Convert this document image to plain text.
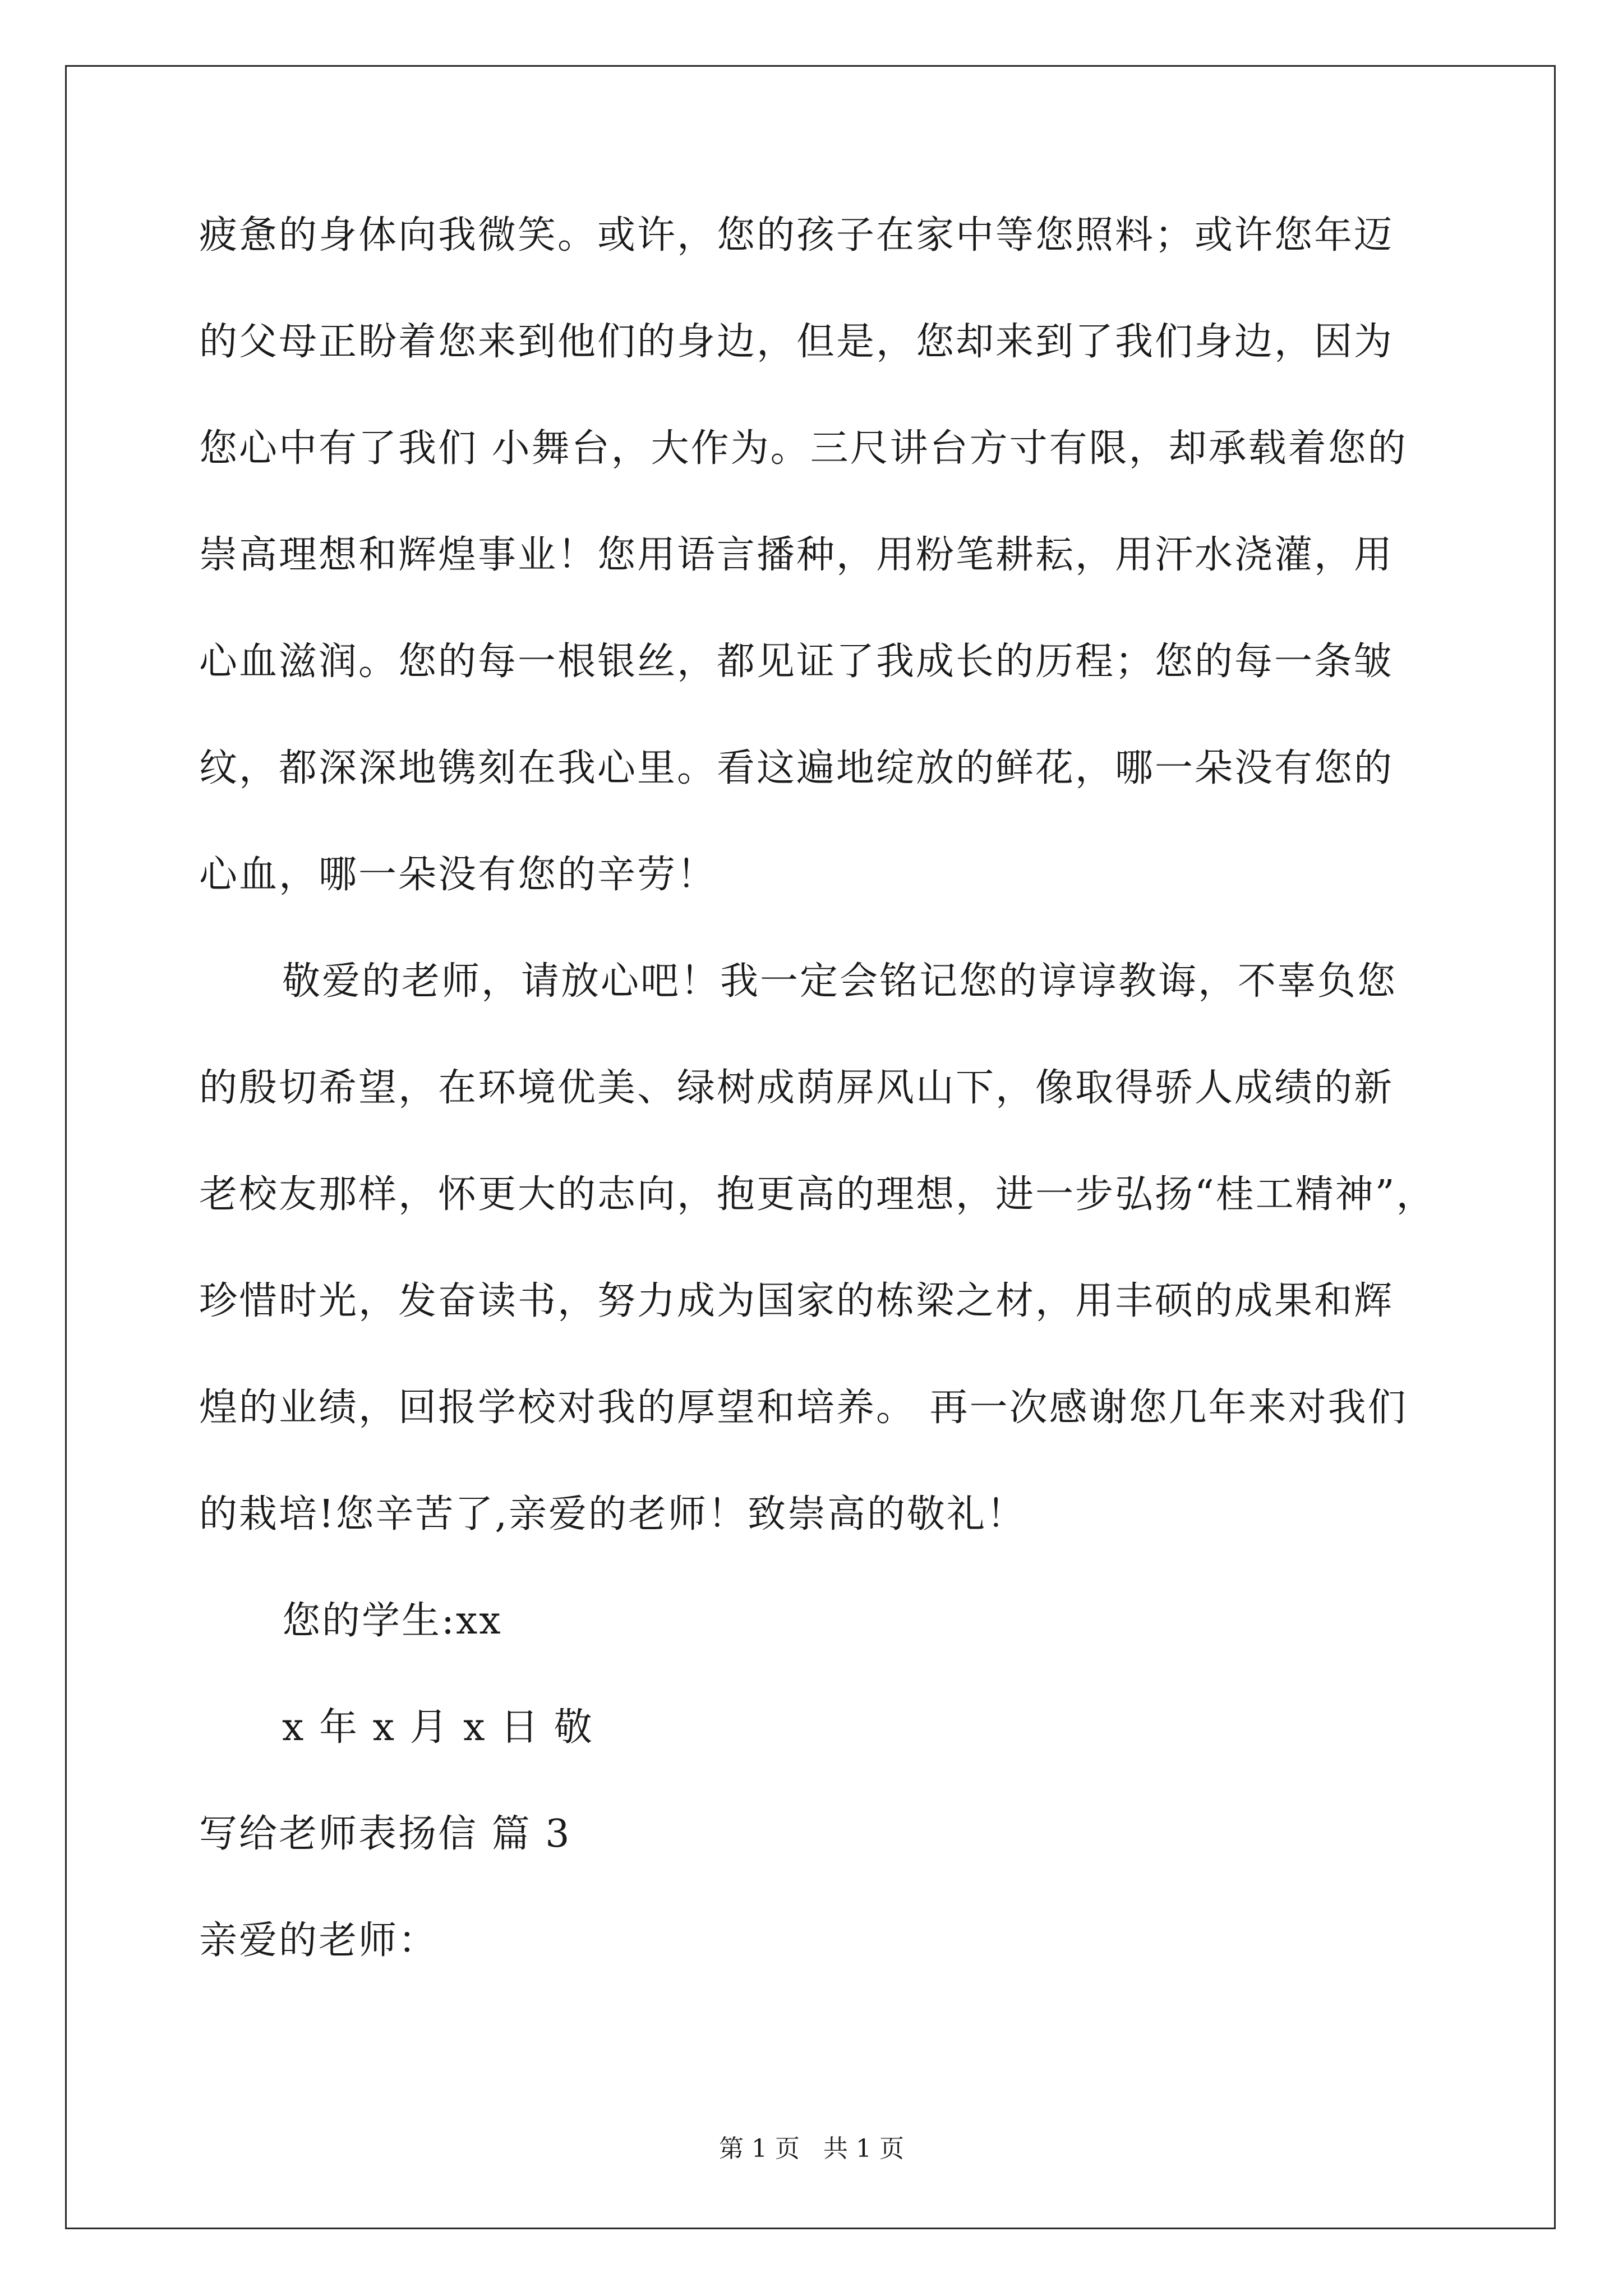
疲惫的身体向我微笑。或许，您的孩子在家中等您照料；或许您年迈
的父母正盼着您来到他们的身边，但是，您却来到了我们身边，因为
您心中有了我们 小舞台，大作为。三尺讲台方寸有限，却承载着您的
崇高理想和辉煌事业！您用语言播种，用粉笔耕耘，用汗水浇灌，用
心血滋润。您的每一根银丝，都见证了我成长的历程；您的每一条皱
纹，都深深地镌刻在我心里。看这遍地绽放的鲜花，哪一朵没有您的
心血，哪一朵没有您的辛劳！
敬爱的老师，请放心吧！我一定会铭记您的谆谆教诲，不辜负您
的殷切希望，在环境优美、绿树成荫屏风山下，像取得骄人成绩的新
老校友那样，怀更大的志向，抱更高的理想，进一步弘扬“桂工精神”，
珍惜时光，发奋读书，努力成为国家的栋梁之材，用丰硕的成果和辉
煌的业绩，回报学校对我的厚望和培养。 再一次感谢您几年来对我们
的栽培!您辛苦了,亲爱的老师！致崇高的敬礼！
您的学生:xx
x 年 x 月 x 日 敬
写给老师表扬信 篇 3
亲爱的老师：
第 1 页 共 1 页
